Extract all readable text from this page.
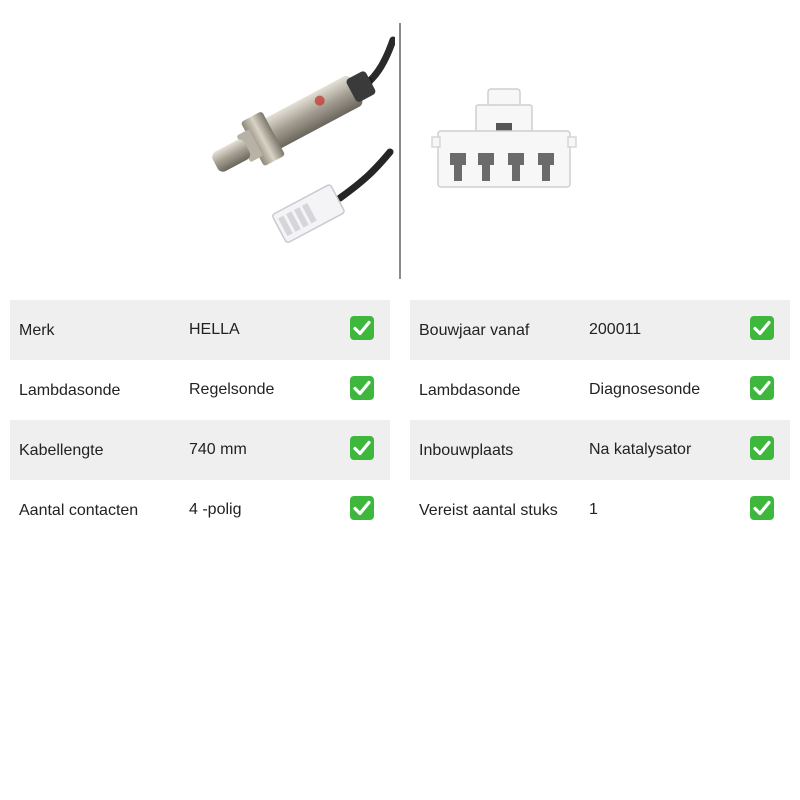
Merk	HELLA
Lambdasonde	Regelsonde
Kabellengte	740 mm
Aantal contacten	4 -polig
Bouwjaar vanaf	200011
Lambdasonde	Diagnosesonde
Inbouwplaats	Na katalysator
Vereist aantal stuks 1
